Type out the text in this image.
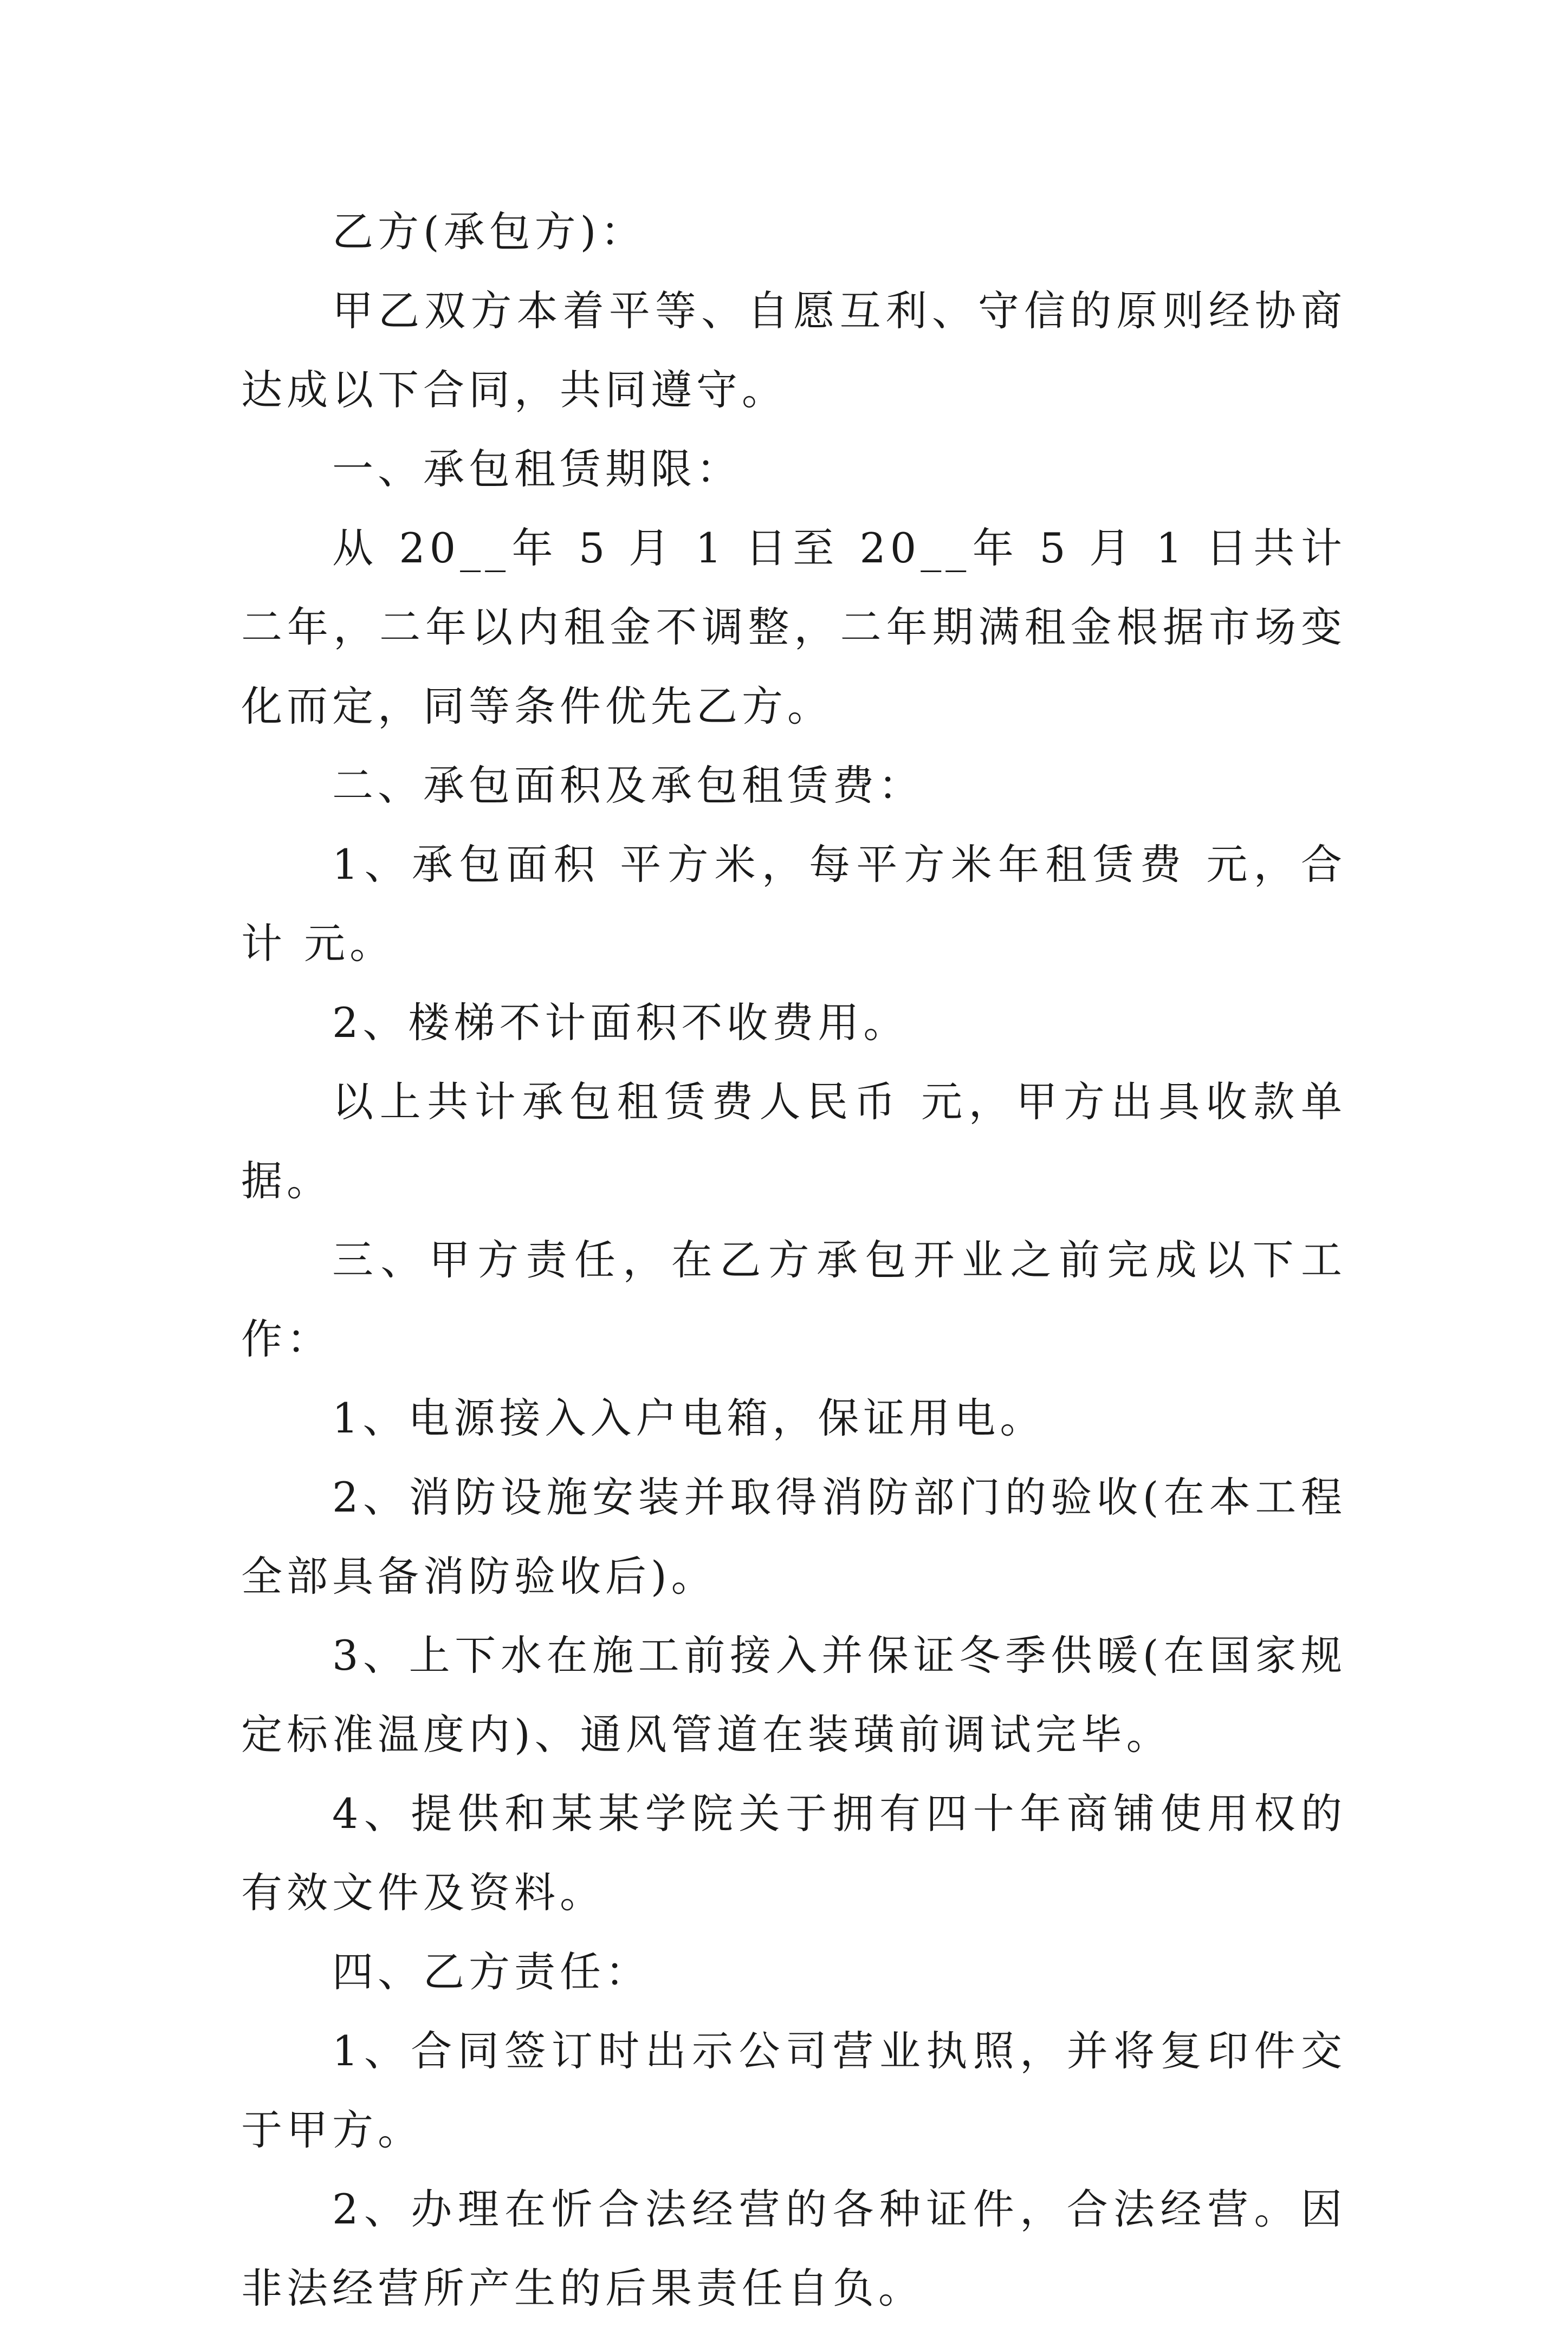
乙方(承包方)：

甲乙双方本着平等、自愿互利、守信的原则经协商达成以下合同，共同遵守。

一、承包租赁期限：

从 20__年 5 月 1 日至 20__年 5 月 1 日共计二年，二年以内租金不调整，二年期满租金根据市场变化而定，同等条件优先乙方。

二、承包面积及承包租赁费：

1、承包面积 平方米，每平方米年租赁费 元，合计 元。

2、楼梯不计面积不收费用。

以上共计承包租赁费人民币 元，甲方出具收款单据。

三、甲方责任，在乙方承包开业之前完成以下工作：

1、电源接入入户电箱，保证用电。

2、消防设施安装并取得消防部门的验收(在本工程全部具备消防验收后)。

3、上下水在施工前接入并保证冬季供暖(在国家规定标准温度内)、通风管道在装璜前调试完毕。

4、提供和某某学院关于拥有四十年商铺使用权的有效文件及资料。

四、乙方责任：

1、合同签订时出示公司营业执照，并将复印件交于甲方。

2、办理在忻合法经营的各种证件，合法经营。因非法经营所产生的后果责任自负。
